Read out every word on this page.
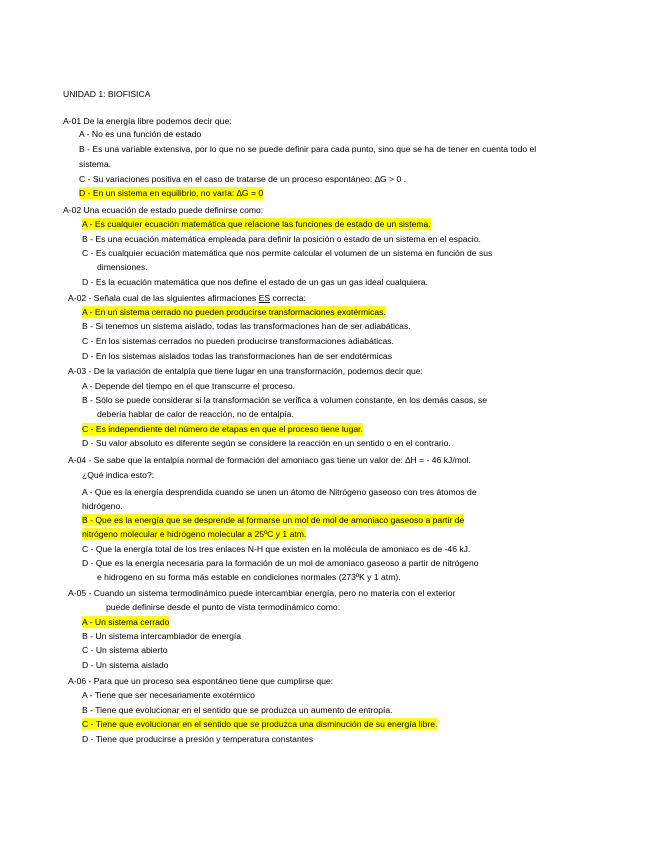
UNIDAD 1: BIOFISICA
A-01 De la energía libre podemos decir que:
A - No es una función de estado
B - Es una variable extensiva, por lo que no se puede definir para cada punto, sino que se ha de tener en cuenta todo el
sistema.
C - Su variaciones positiva en el caso de tratarse de un proceso espontáneo: ∆G > 0 .
D - En un sistema en equilibrio, no varía: ∆G = 0
A-02 Una ecuación de estado puede definirse como:
A - Es cualquier ecuación matemática que relacione las funciones de estado de un sistema.
B - Es una ecuación matemática empleada para definir la posición o estado de un sistema en el espacio.
C - Es cualquier ecuación matemática que nos permite calcular el volumen de un sistema en función de sus
dimensiones.
D - Es la ecuación matemática que nos define el estado de un gas un gas ideal cualquiera.
A-02 - Señala cual de las siguientes afirmaciones ES correcta:
A - En un sistema cerrado no pueden producirse transformaciones exotérmicas.
B - Si tenemos un sistema aislado, todas las transformaciones han de ser adiabáticas.
C - En los sistemas cerrados no pueden producirse transformaciones adiabáticas.
D - En los sistemas aislados todas las transformaciones han de ser endotérmicas
A-03 - De la variación de entalpía que tiene lugar en una transformación, podemos decir que:
A - Depende del tiempo en el que transcurre el proceso.
B - Sólo se puede considerar si la transformación se verifica a volumen constante, en los demás casos, se
debería hablar de calor de reacción, no de entalpía.
C - Es independiente del número de etapas en que el proceso tiene lugar.
D - Su valor absoluto es diferente según se considere la reacción en un sentido o en el contrario.
A-04 - Se sabe que la entalpía normal de formación del amoniaco gas tiene un valor de: ∆H = - 46 kJ/mol.
¿Qué indica esto?:
A - Que es la energía desprendida cuando se unen un átomo de Nitrógeno gaseoso con tres átomos de
hidrógeno.
B - Que es la energía que se desprende al formarse un mol de mol de amoniaco gaseoso a partir de
nitrógeno molecular e hidrógeno molecular a 25ºC y 1 atm.
C - Que la energía total de los tres enlaces N-H que existen en la molécula de amoniaco es de -46 kJ.
D - Que es la energía necesaria para la formación de un mol de amoniaco gaseoso a partir de nitrógeno
e hidrogeno en su forma más estable en condiciones normales (273ºK y 1 atm).
A-05 - Cuando un sistema termodinámico puede intercambiar energía, pero no materia con el exterior
puede definirse desde el punto de vista termodinámico como:
A - Un sistema cerrado
B - Un sistema intercambiador de energía
C - Un sistema abierto
D - Un sistema aislado
A-06 - Para que un proceso sea espontáneo tiene que cumplirse que:
A - Tiene que ser necesariamente exotérmico
B - Tiene que evolucionar en el sentido que se produzca un aumento de entropía.
C - Tiene que evolucionar en el sentido que se produzca una disminución de su energía libre.
D - Tiene que producirse a presión y temperatura constantes
